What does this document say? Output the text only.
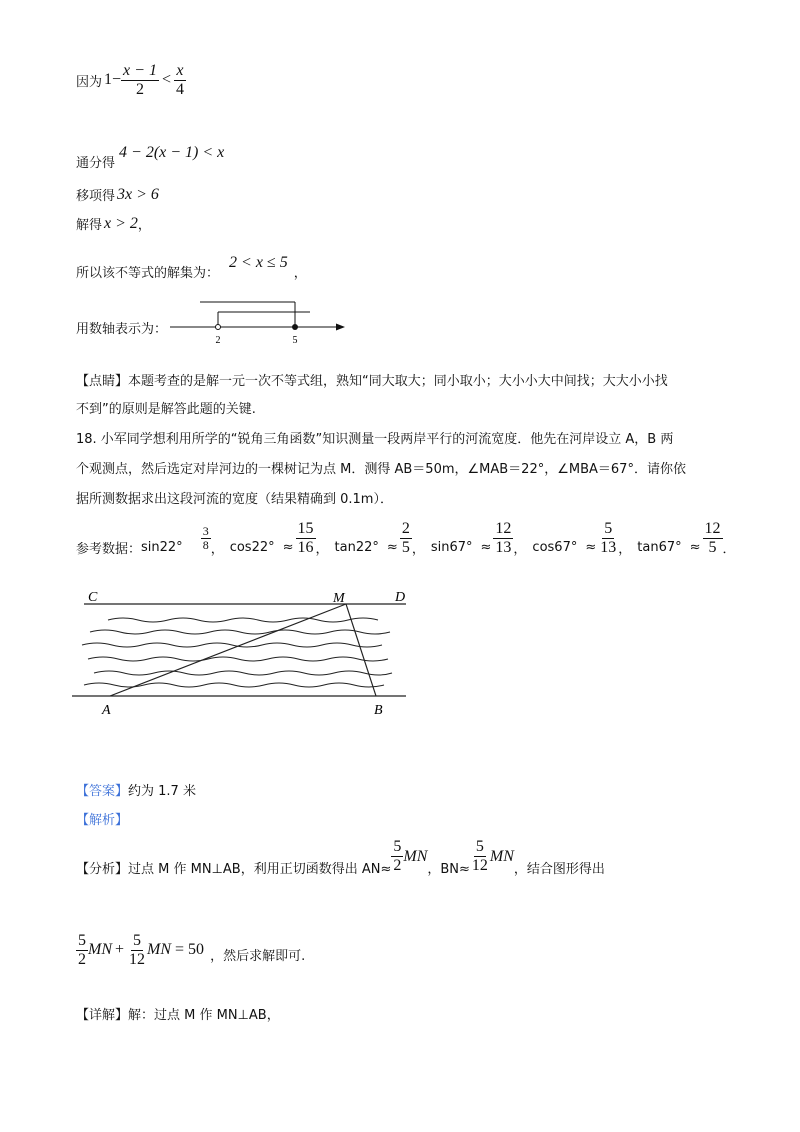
因为 $1- \frac{x - 1}{2} < \frac{x}{4}$
通分得
4 − 2(x − 1) < x
移项得 3x > 6
解得 x > 2 ，
所以该不等式的解集为：
2 < x ≤ 5
，
用数轴表示为：
2	5
【点睛】本题考查的是解一元一次不等式组，熟知“同大取大；同小取小；大小小大中间找；大大小小找
不到”的原则是解答此题的关键.
18. 小军同学想利用所学的“锐角三角函数”知识测量一段两岸平行的河流宽度．他先在河岸设立 A，B 两
个观测点，然后选定对岸河边的一棵树记为点 M．测得 AB＝50m，∠MAB＝22°，∠MBA＝67°．请你依
据所测数据求出这段河流的宽度（结果精确到 0.1m）．
参考数据： $\sin 22^\circ \frac{3}{8}$ ， $\cos 22^\circ \approx \frac{15}{16}$ ， $\tan 22^\circ \approx \frac{2}{5}$ ， $\sin 67^\circ \approx \frac{12}{13}$ ， $\cos 67^\circ \approx \frac{5}{13}$ ， $\tan 67^\circ \approx \frac{12}{5}$ ．
C	D
M
A	B
【答案】约为 1.7 米
【解析】
【分析】 过点 M 作 MN⊥AB，利用正切函数得出 $AN\approx \frac{5}{2}$ MN
，$BN\approx \frac{5}{12}$ MN
，结合图形得出
$\frac{5}{2}$ MN + $\frac{5}{12}$ MN = 50 ，然后求解即可.
【详解】解：过点 M 作 MN⊥AB，
